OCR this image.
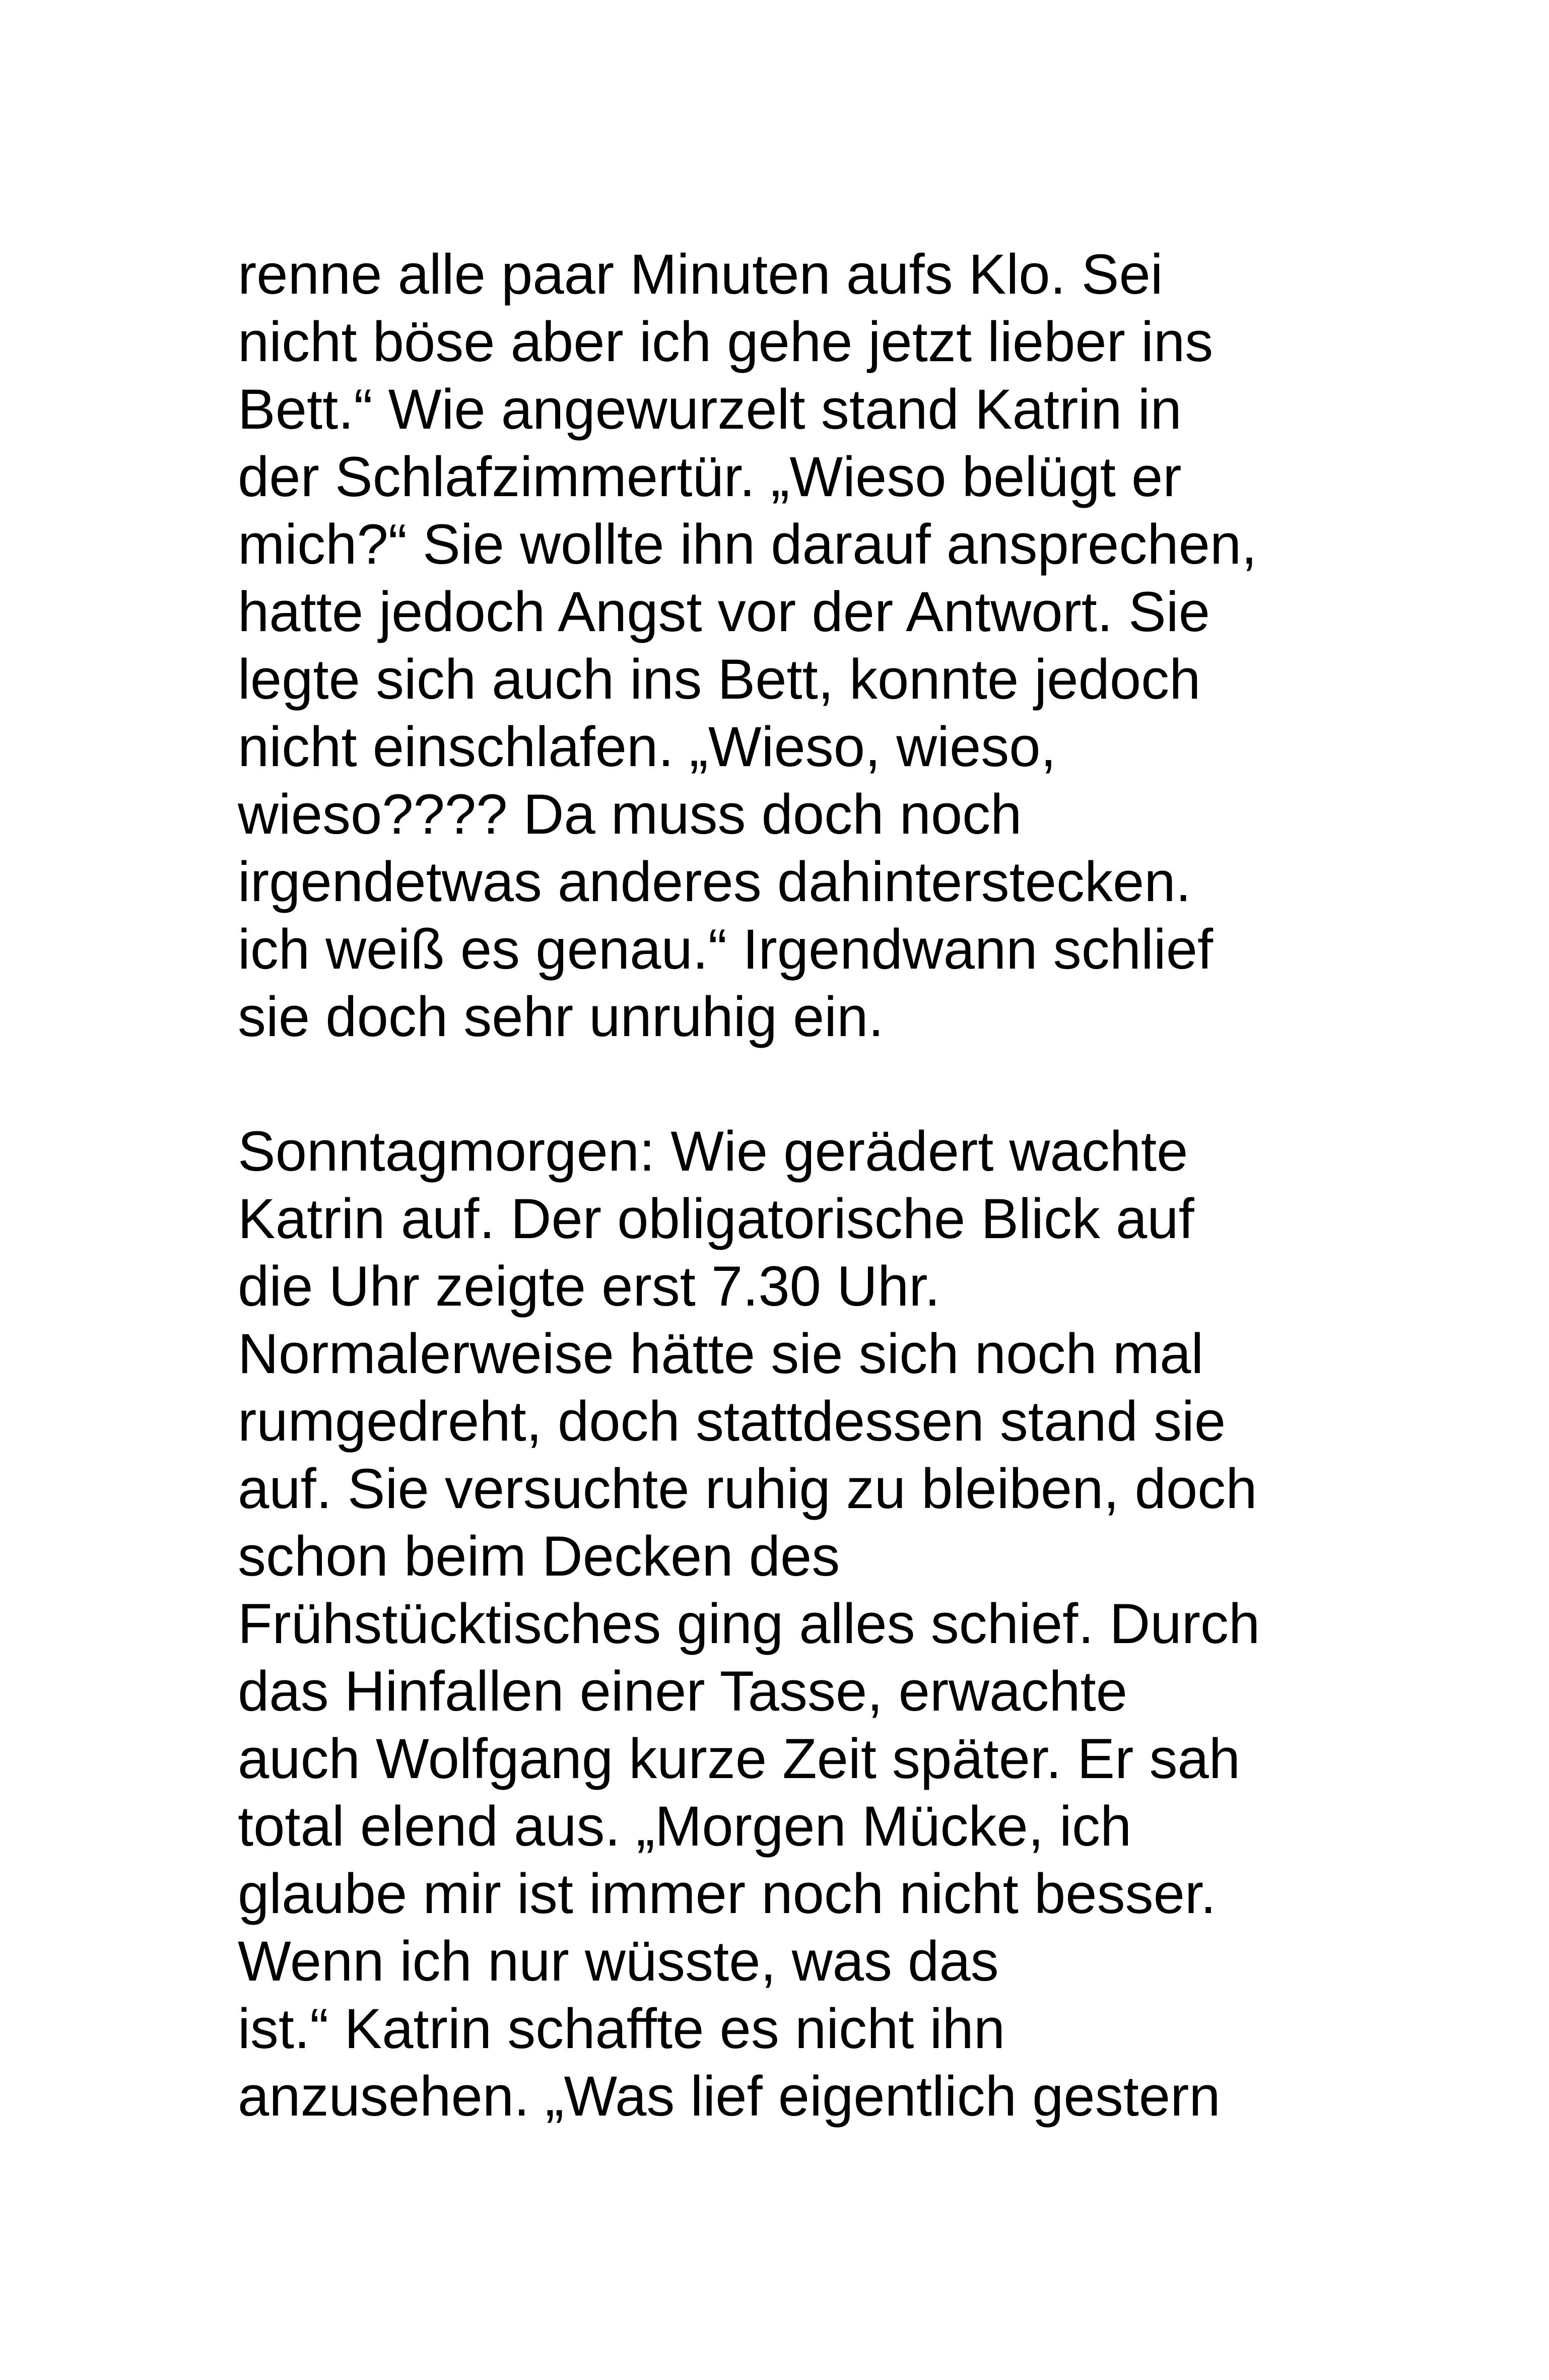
renne alle paar Minuten aufs Klo. Sei
nicht böse aber ich gehe jetzt lieber ins
Bett.“ Wie angewurzelt stand Katrin in
der Schlafzimmertür. „Wieso belügt er
mich?“ Sie wollte ihn darauf ansprechen,
hatte jedoch Angst vor der Antwort. Sie
legte sich auch ins Bett, konnte jedoch
nicht einschlafen. „Wieso, wieso,
wieso???? Da muss doch noch
irgendetwas anderes dahinterstecken.
ich weiß es genau.“ Irgendwann schlief
sie doch sehr unruhig ein.
Sonntagmorgen: Wie gerädert wachte
Katrin auf. Der obligatorische Blick auf
die Uhr zeigte erst 7.30 Uhr.
Normalerweise hätte sie sich noch mal
rumgedreht, doch stattdessen stand sie
auf. Sie versuchte ruhig zu bleiben, doch
schon beim Decken des
Frühstücktisches ging alles schief. Durch
das Hinfallen einer Tasse, erwachte
auch Wolfgang kurze Zeit später. Er sah
total elend aus. „Morgen Mücke, ich
glaube mir ist immer noch nicht besser.
Wenn ich nur wüsste, was das
ist.“ Katrin schaffte es nicht ihn
anzusehen. „Was lief eigentlich gestern
